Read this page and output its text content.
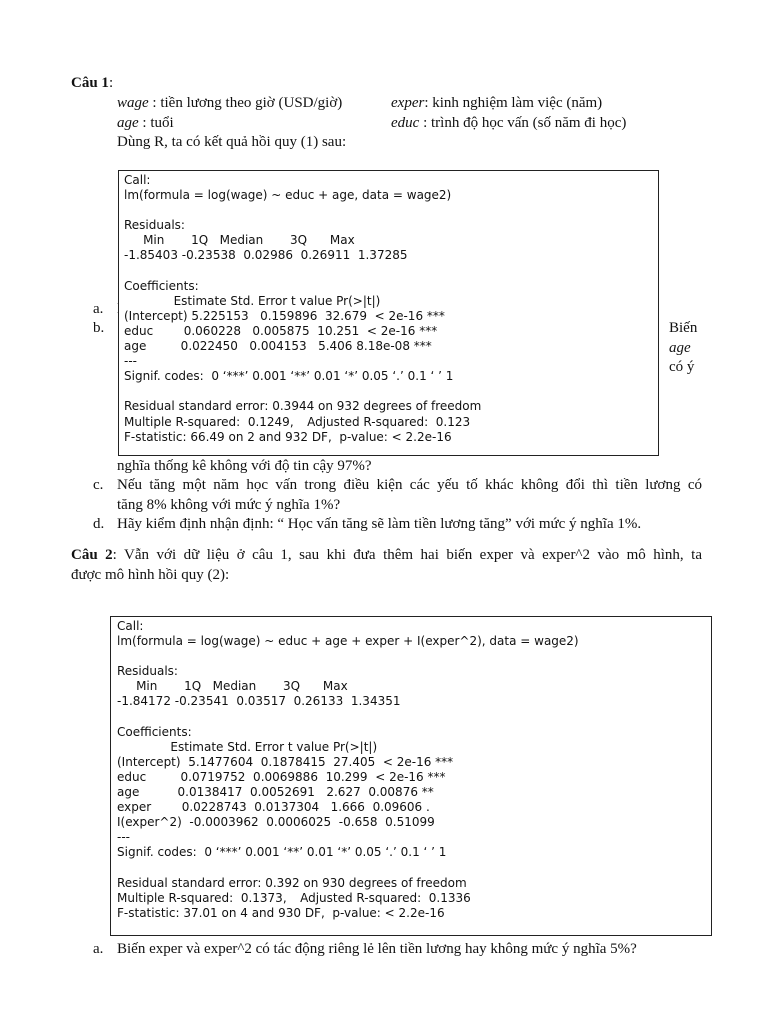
Câu 1:
wage : tiền lương theo giờ (USD/giờ)	exper: kinh nghiệm làm việc (năm)
age : tuổi	educ : trình độ học vấn (số năm đi học)
Dùng R, ta có kết quả hồi quy (1) sau:
a.
b.
Call:
lm(formula = log(wage) ~ educ + age, data = wage2)

Residuals:
Min       1Q   Median       3Q      Max
-1.85403 -0.23538  0.02986  0.26911  1.37285

Coefficients:
Estimate Std. Error t value Pr(>|t|)
(Intercept) 5.225153   0.159896  32.679  < 2e-16 ***
educ        0.060228   0.005875  10.251  < 2e-16 ***
age         0.022450   0.004153   5.406 8.18e-08 ***
---
Signif. codes:  0 ‘***’ 0.001 ‘**’ 0.01 ‘*’ 0.05 ‘.’ 0.1 ‘ ’ 1

Residual standard error: 0.3944 on 932 degrees of freedom
Multiple R-squared:  0.1249,	Adjusted R-squared:  0.123
F-statistic: 66.49 on 2 and 932 DF,  p-value: < 2.2e-16
Biến
age
có ý
nghĩa thống kê không với độ tin cậy 97%?
c. Nếu tăng một năm học vấn trong điều kiện các yếu tố khác không đổi thì tiền lương có
tăng 8% không với mức ý nghĩa 1%?
d. Hãy kiểm định nhận định: “ Học vấn tăng sẽ làm tiền lương tăng” với mức ý nghĩa 1%.
Câu 2: Vẫn với dữ liệu ở câu 1, sau khi đưa thêm hai biến exper và exper^2 vào mô hình, ta
được mô hình hồi quy (2):
Call:
lm(formula = log(wage) ~ educ + age + exper + I(exper^2), data = wage2)

Residuals:
Min       1Q   Median       3Q      Max
-1.84172 -0.23541  0.03517  0.26133  1.34351

Coefficients:
Estimate Std. Error t value Pr(>|t|)
(Intercept)  5.1477604  0.1878415  27.405  < 2e-16 ***
educ         0.0719752  0.0069886  10.299  < 2e-16 ***
age          0.0138417  0.0052691   2.627  0.00876 **
exper        0.0228743  0.0137304   1.666  0.09606 .
I(exper^2)  -0.0003962  0.0006025  -0.658  0.51099
---
Signif. codes:  0 ‘***’ 0.001 ‘**’ 0.01 ‘*’ 0.05 ‘.’ 0.1 ‘ ’ 1

Residual standard error: 0.392 on 930 degrees of freedom
Multiple R-squared:  0.1373,	Adjusted R-squared:  0.1336
F-statistic: 37.01 on 4 and 930 DF,  p-value: < 2.2e-16
a. Biến exper và exper^2 có tác động riêng lẻ lên tiền lương hay không mức ý nghĩa 5%?
